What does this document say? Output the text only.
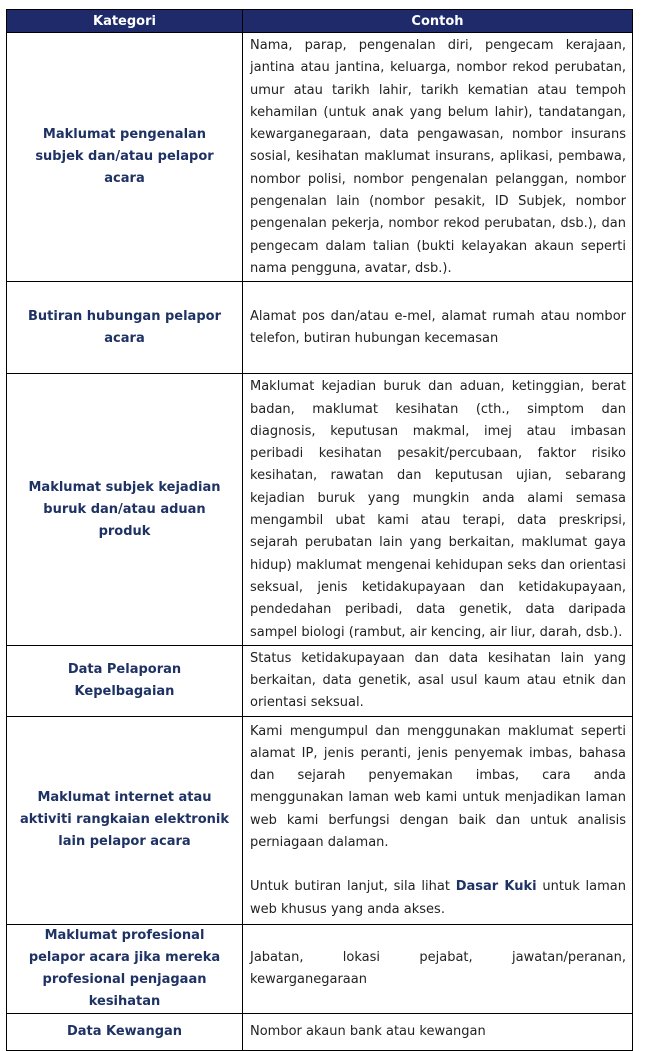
Kategori	Contoh
Maklumat pengenalan subjek dan/atau pelapor acara	Nama, parap, pengenalan diri, pengecam kerajaan, jantina atau jantina, keluarga, nombor rekod perubatan, umur atau tarikh lahir, tarikh kematian atau tempoh kehamilan (untuk anak yang belum lahir), tandatangan, kewarganegaraan, data pengawasan, nombor insurans sosial, kesihatan maklumat insurans, aplikasi, pembawa, nombor polisi, nombor pengenalan pelanggan, nombor pengenalan lain (nombor pesakit, ID Subjek, nombor pengenalan pekerja, nombor rekod perubatan, dsb.), dan pengecam dalam talian (bukti kelayakan akaun seperti nama pengguna, avatar, dsb.).
Butiran hubungan pelapor acara	Alamat pos dan/atau e-mel, alamat rumah atau nombor telefon, butiran hubungan kecemasan
Maklumat subjek kejadian buruk dan/atau aduan produk	Maklumat kejadian buruk dan aduan, ketinggian, berat badan, maklumat kesihatan (cth., simptom dan diagnosis, keputusan makmal, imej atau imbasan peribadi kesihatan pesakit/percubaan, faktor risiko kesihatan, rawatan dan keputusan ujian, sebarang kejadian buruk yang mungkin anda alami semasa mengambil ubat kami atau terapi, data preskripsi, sejarah perubatan lain yang berkaitan, maklumat gaya hidup) maklumat mengenai kehidupan seks dan orientasi seksual, jenis ketidakupayaan dan ketidakupayaan, pendedahan peribadi, data genetik, data daripada sampel biologi (rambut, air kencing, air liur, darah, dsb.).
Data Pelaporan Kepelbagaian	Status ketidakupayaan dan data kesihatan lain yang berkaitan, data genetik, asal usul kaum atau etnik dan orientasi seksual.
Maklumat internet atau aktiviti rangkaian elektronik lain pelapor acara	Kami mengumpul dan menggunakan maklumat seperti alamat IP, jenis peranti, jenis penyemak imbas, bahasa dan sejarah penyemakan imbas, cara anda menggunakan laman web kami untuk menjadikan laman web kami berfungsi dengan baik dan untuk analisis perniagaan dalaman.
Untuk butiran lanjut, sila lihat Dasar Kuki untuk laman web khusus yang anda akses.

Maklumat profesional pelapor acara jika mereka profesional penjagaan kesihatan	Jabatan, lokasi pejabat, jawatan/peranan, kewarganegaraan
Data Kewangan	Nombor akaun bank atau kewangan
